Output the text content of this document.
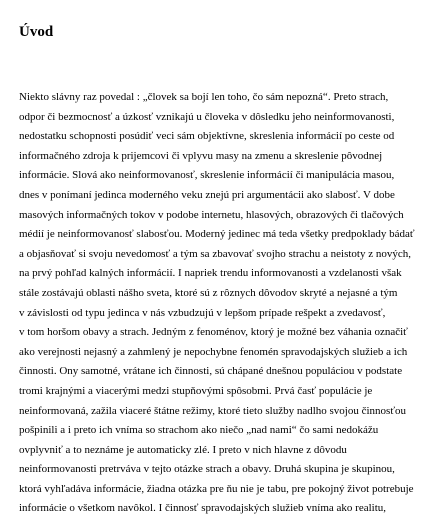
Úvod
Niekto slávny raz povedal : „človek sa bojí len toho, čo sám nepozná“. Preto strach,
odpor či bezmocnosť a úzkosť vznikajú u človeka v dôsledku jeho neinformovanosti,
nedostatku schopnosti posúdiť veci sám objektívne, skreslenia informácií po ceste od
informačného zdroja k prijemcovi či vplyvu masy na zmenu a skreslenie pôvodnej
informácie. Slová ako neinformovanosť, skreslenie informácií či manipulácia masou,
dnes v ponímaní jedinca moderného veku znejú pri argumentácii ako slabosť. V dobe
masových informačných tokov v podobe internetu, hlasových, obrazových či tlačových
médií je neinformovanosť slabosťou. Moderný jedinec má teda všetky predpoklady bádať
a objasňovať si svoju nevedomosť a tým sa zbavovať svojho strachu a neistoty z nových,
na prvý pohľad kalných informácií. I napriek trendu informovanosti a vzdelanosti však
stále zostávajú oblasti nášho sveta, ktoré sú z rôznych dôvodov skryté a nejasné a tým
v závislosti od typu jedinca v nás vzbudzujú v lepšom prípade rešpekt a zvedavosť,
v tom horšom obavy a strach. Jedným z fenoménov, ktorý je možné bez váhania označiť
ako verejnosti nejasný a zahmlený je nepochybne fenomén spravodajských služieb a ich
činnosti. Ony samotné, vrátane ich činnosti, sú chápané dnešnou populáciou v podstate
tromi krajnými a viacerými medzi stupňovými spôsobmi. Prvá časť populácie je
neinformovaná, zažila viaceré štátne režimy, ktoré tieto služby nadlho svojou činnosťou
pošpinili a i preto ich vníma so strachom ako niečo „nad nami“ čo sami nedokážu
ovplyvniť a to neznáme je automaticky zlé. I preto v nich hlavne z dôvodu
neinformovanosti pretrváva v tejto otázke strach a obavy. Druhá skupina je skupinou,
ktorá vyhľadáva informácie, žiadna otázka pre ňu nie je tabu, pre pokojný život potrebuje
informácie o všetkom navôkol. I činnosť spravodajských služieb vníma ako realitu,
